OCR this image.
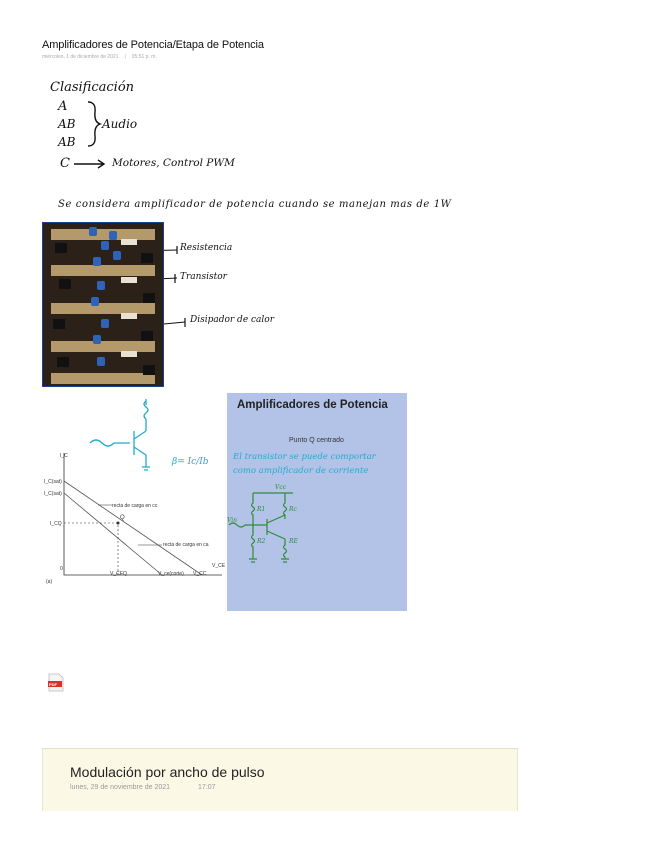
Amplificadores de Potencia/Etapa de Potencia
miércoles, 1 de diciembre de 2021 | 05:51 p. m.
Clasificación
A
AB
AB
Audio
C	Motores, Control PWM
Se considera amplificador de potencia cuando se manejan mas de 1W
Resistencia
Transistor
Disipador de calor
β= Ic/Ib
I_C
I_C(sat)
I_C(sat)
I_CQ
recta de carga en cc
Q
recta de carga en ca
0
V_CEQ	V_ce(corte) V_CC
V_CE
(a)
Amplificadores de Potencia
Punto Q centrado
El transistor se puede comportar
como amplificador de corriente
Vcc
R1	Rc
R2	RE
Vin
PDF
Modulación por ancho de pulso
lunes, 29 de noviembre de 2021	17:07
